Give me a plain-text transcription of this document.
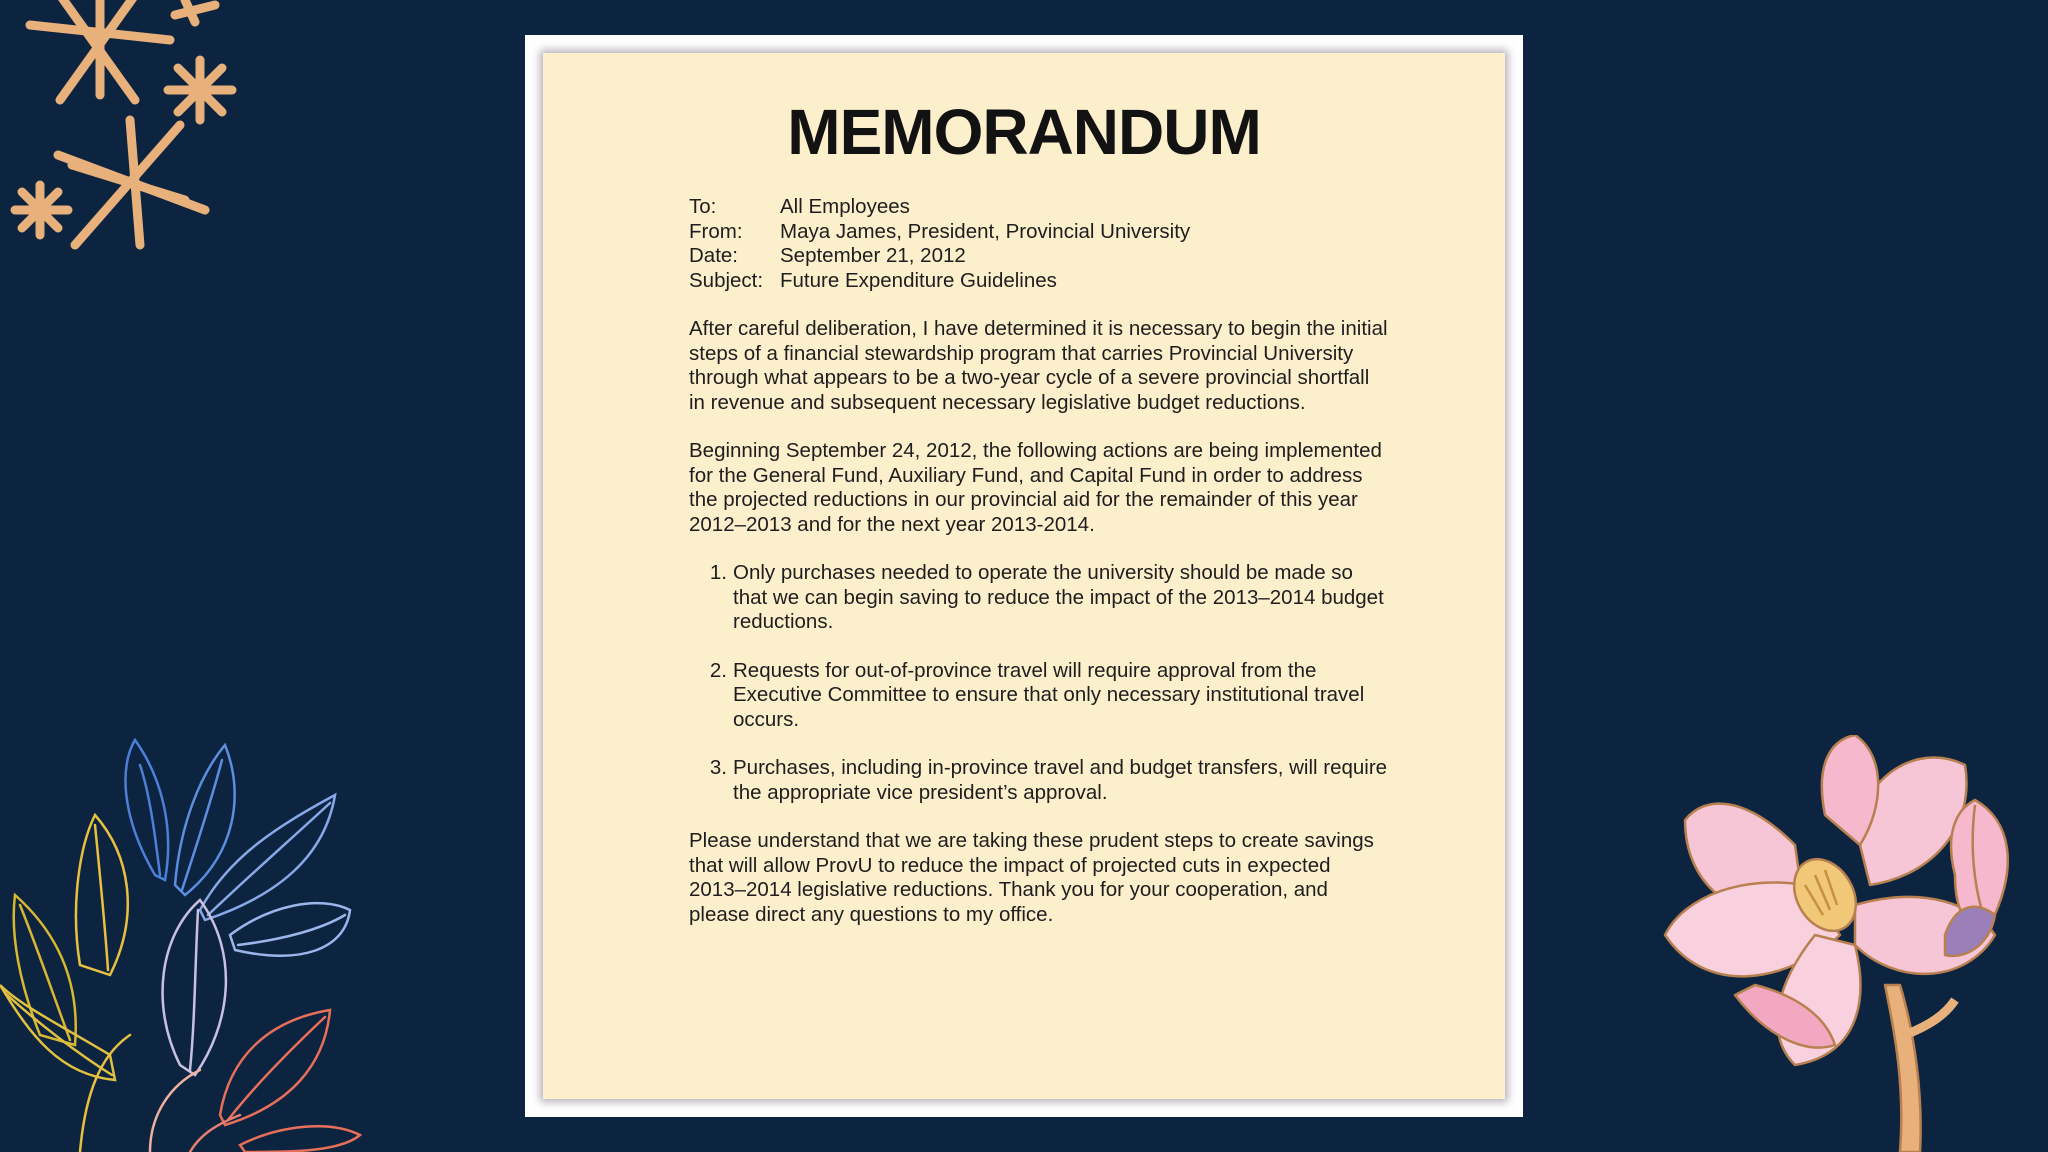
MEMORANDUM
To:	All Employees
From:	Maya James, President, Provincial University
Date:	September 21, 2012
Subject: Future Expenditure Guidelines

After careful deliberation, I have determined it is necessary to begin the initial steps of a financial stewardship program that carries Provincial University through what appears to be a two-year cycle of a severe provincial shortfall in revenue and subsequent necessary legislative budget reductions.

Beginning September 24, 2012, the following actions are being implemented for the General Fund, Auxiliary Fund, and Capital Fund in order to address the projected reductions in our provincial aid for the remainder of this year 2012–2013 and for the next year 2013-2014.

1. Only purchases needed to operate the university should be made so that we can begin saving to reduce the impact of the 2013–2014 budget reductions.
2. Requests for out-of-province travel will require approval from the Executive Committee to ensure that only necessary institutional travel occurs.
3. Purchases, including in-province travel and budget transfers, will require the appropriate vice president’s approval.

Please understand that we are taking these prudent steps to create savings that will allow ProvU to reduce the impact of projected cuts in expected 2013–2014 legislative reductions. Thank you for your cooperation, and please direct any questions to my office.
